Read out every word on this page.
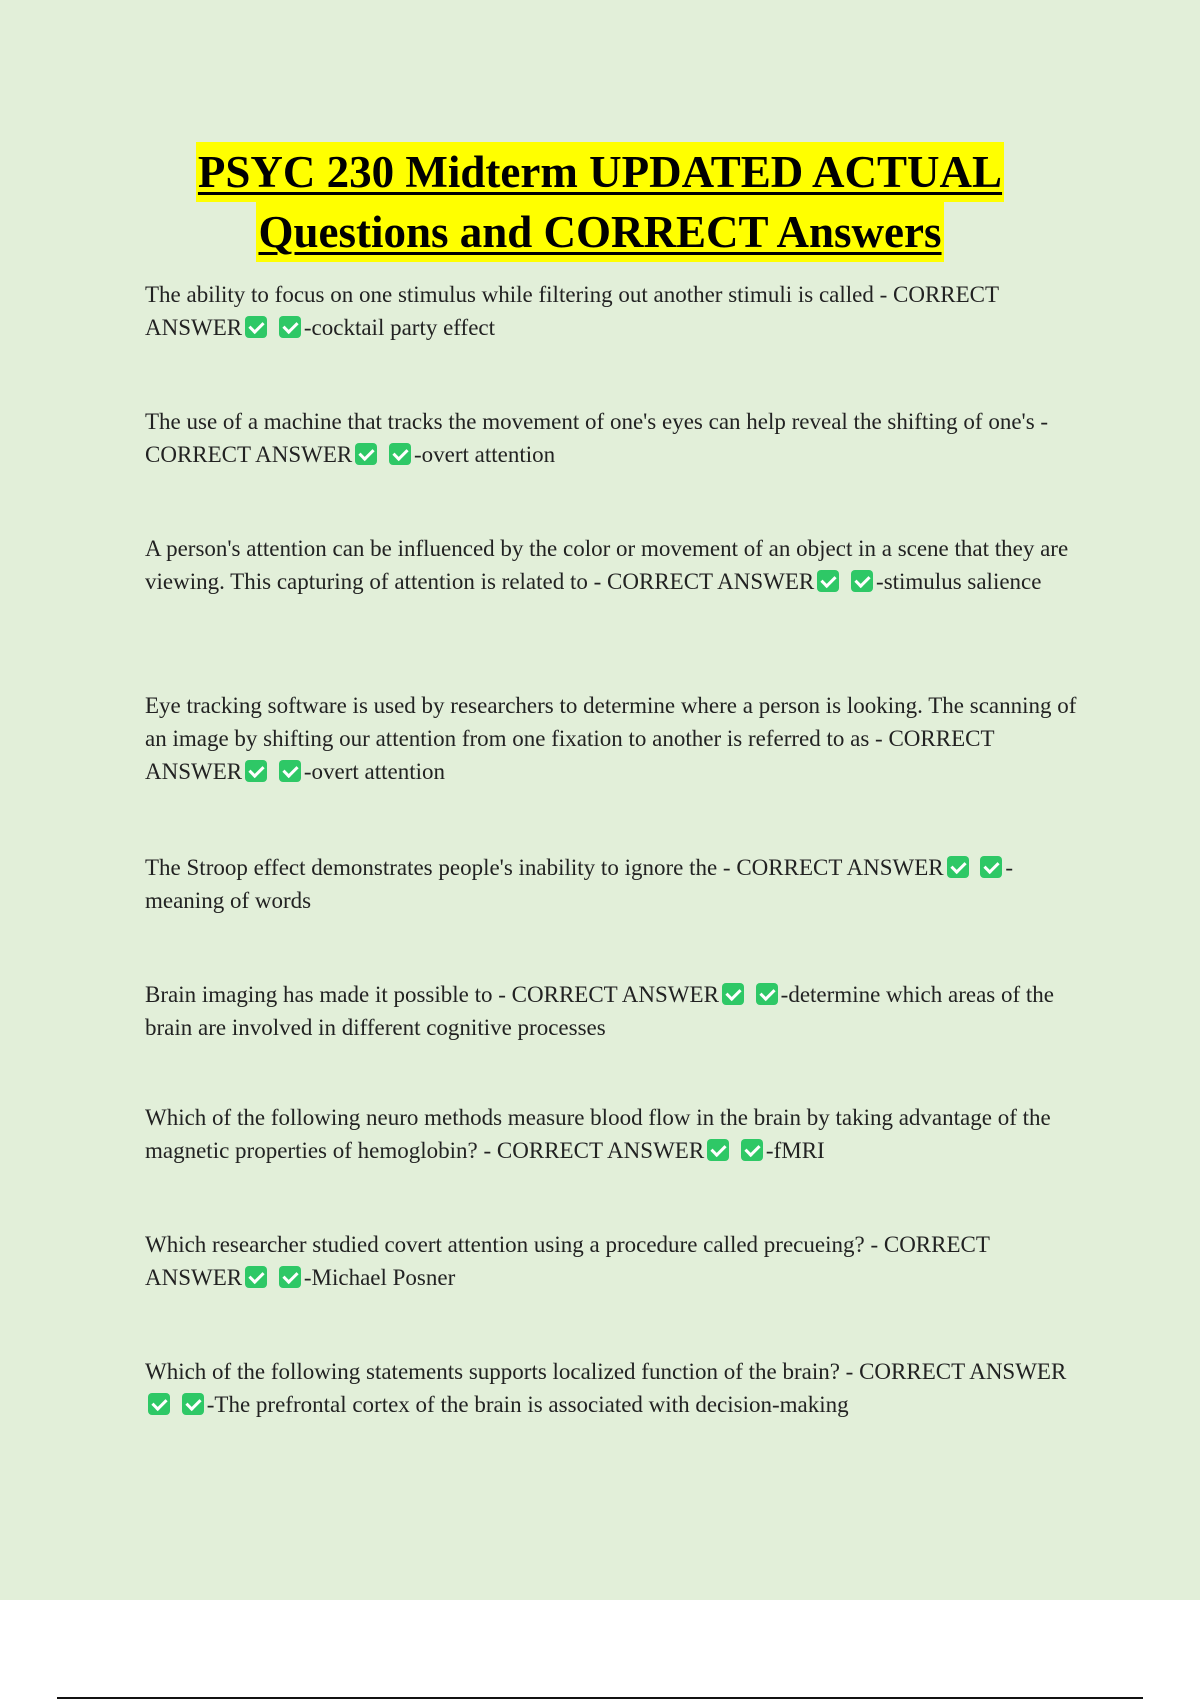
PSYC 230 Midterm UPDATED ACTUAL
Questions and CORRECT Answers

The ability to focus on one stimulus while filtering out another stimuli is called - CORRECT ANSWER	-cocktail party effect

The use of a machine that tracks the movement of one's eyes can help reveal the shifting of one's - CORRECT ANSWER	-overt attention

A person's attention can be influenced by the color or movement of an object in a scene that they are viewing. This capturing of attention is related to - CORRECT ANSWER	-stimulus salience

Eye tracking software is used by researchers to determine where a person is looking. The scanning of an image by shifting our attention from one fixation to another is referred to as - CORRECT ANSWER	-overt attention

The Stroop effect demonstrates people's inability to ignore the - CORRECT ANSWER	-meaning of words

Brain imaging has made it possible to - CORRECT ANSWER	-determine which areas of the brain are involved in different cognitive processes

Which of the following neuro methods measure blood flow in the brain by taking advantage of the magnetic properties of hemoglobin? - CORRECT ANSWER	-fMRI

Which researcher studied covert attention using a procedure called precueing? - CORRECT ANSWER	-Michael Posner

Which of the following statements supports localized function of the brain? - CORRECT ANSWER -The prefrontal cortex of the brain is associated with decision-making
